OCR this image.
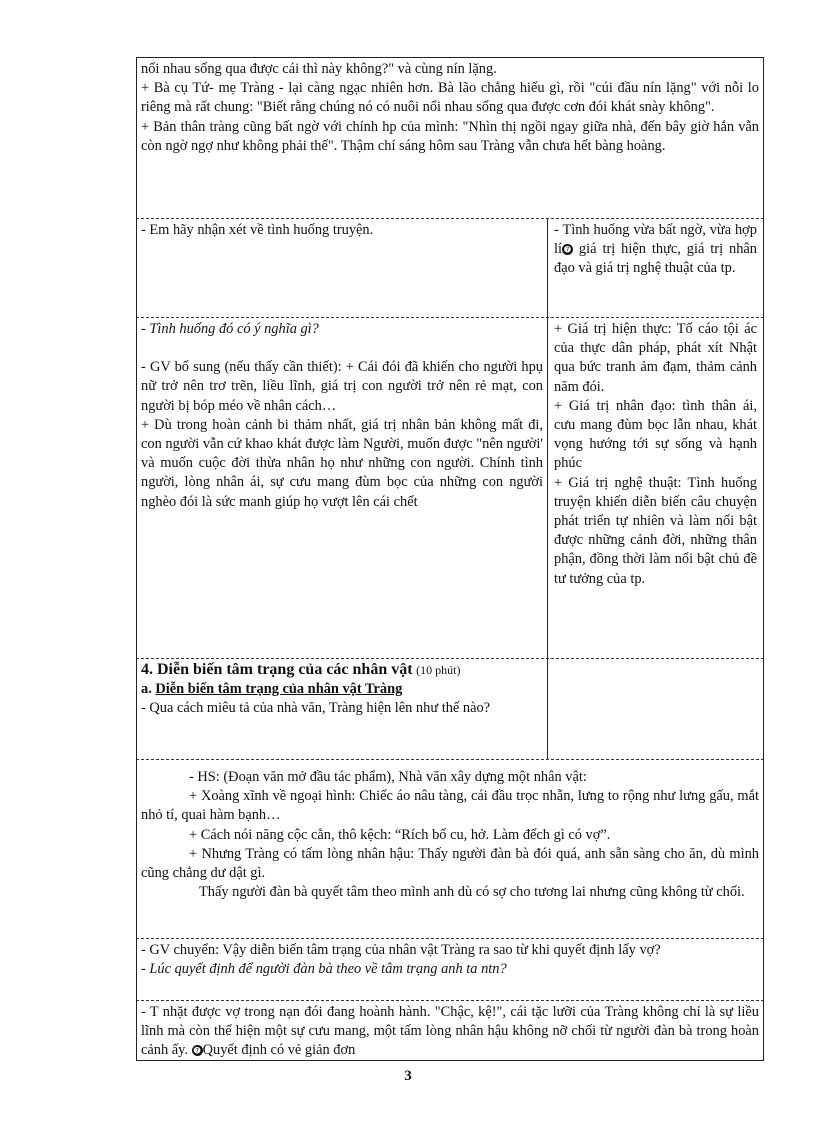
nổi nhau sống qua được cái thì này không?" và cùng nín lặng.

+ Bà cụ Tứ- mẹ Tràng - lại càng ngạc nhiên hơn. Bà lão chẳng hiểu gì, rồi "cúi đầu nín lặng" với nỗi lo riêng mà rất chung: "Biết rằng chúng nó có nuôi nổi nhau sống qua được cơn đói khát snày không".

+ Bản thân tràng cũng bất ngờ với chính hp của mình: "Nhìn thị ngồi ngay giữa nhà, đến bây giờ hắn vẫn còn ngờ ngợ như không phải thế". Thậm chí sáng hôm sau Tràng vẫn chưa hết bàng hoàng.

- Em hãy nhận xét về tình huống truyện.	- Tình huống vừa bất ngờ, vừa hợp lí ➐ giá trị hiện thực, giá trị nhân đạo và giá trị nghệ thuật của tp.

- Tình huống đó có ý nghĩa gì?

- GV bổ sung (nếu thấy cần thiết): + Cái đói đã khiến cho người hpụ nữ trở nên trơ trẽn, liều lĩnh, giá trị con người trở nên rẻ mạt, con người bị bóp méo về nhân cách…

+ Dù trong hoàn cảnh bi thảm nhất, giá trị nhân bản không mất đi, con người vẫn cứ khao khát được làm Người, muốn được "nên người' và muốn cuộc đời thừa nhân họ như những con người. Chính tình người, lòng nhân ái, sự cưu mang đùm bọc của những con người nghèo đói là sức manh giúp họ vượt lên cái chết

+ Giá trị hiện thực: Tố cáo tội ác của thực dân pháp, phát xít Nhật qua bức tranh ảm đạm, thảm cảnh năm đói.

+ Giá trị nhân đạo: tình thân ái, cưu mang đùm bọc lẫn nhau, khát vọng hướng tới sự sống và hạnh phúc

+ Giá trị nghệ thuật: Tình huống truyện khiến diễn biến câu chuyện phát triển tự nhiên và làm nổi bật được những cảnh đời, những thân phận, đồng thời làm nổi bật chủ đề tư tưởng của tp.

4. Diễn biến tâm trạng của các nhân vật (10 phút)

a. Diễn biến tâm trạng của nhân vật Tràng

- Qua cách miêu tả của nhà văn, Tràng hiện lên như thế nào?

- HS: (Đoạn văn mở đầu tác phẩm), Nhà văn xây dựng một nhân vật:

+ Xoàng xĩnh về ngoại hình: Chiếc áo nâu tàng, cái đầu trọc nhẵn, lưng to rộng như lưng gấu, mắt nhỏ tí, quai hàm bạnh…

+ Cách nói năng cộc cằn, thô kệch: “Rích bố cu, hở. Làm đếch gì có vợ”.

+ Nhưng Tràng có tấm lòng nhân hậu: Thấy người đàn bà đói quá, anh sẵn sàng cho ăn, dù mình cũng chẳng dư dật gì.

Thấy người đàn bà quyết tâm theo mình anh dù có sợ cho tương lai nhưng cũng không từ chối.

- GV chuyển: Vậy diễn biến tâm trạng của nhân vật Tràng ra sao từ khi quyết định lấy vợ?

- Lúc quyết định để người đàn bà theo về tâm trạng anh ta ntn?

- T nhặt được vợ trong nạn đói đang hoành hành. "Chậc, kệ!", cái tặc lưỡi của Tràng không chỉ là sự liều lĩnh mà còn thể hiện một sự cưu mang, một tấm lòng nhân hậu không nỡ chối từ người đàn bà trong hoàn cảnh ấy. ➐ Quyết định có vẻ giản đơn

3
